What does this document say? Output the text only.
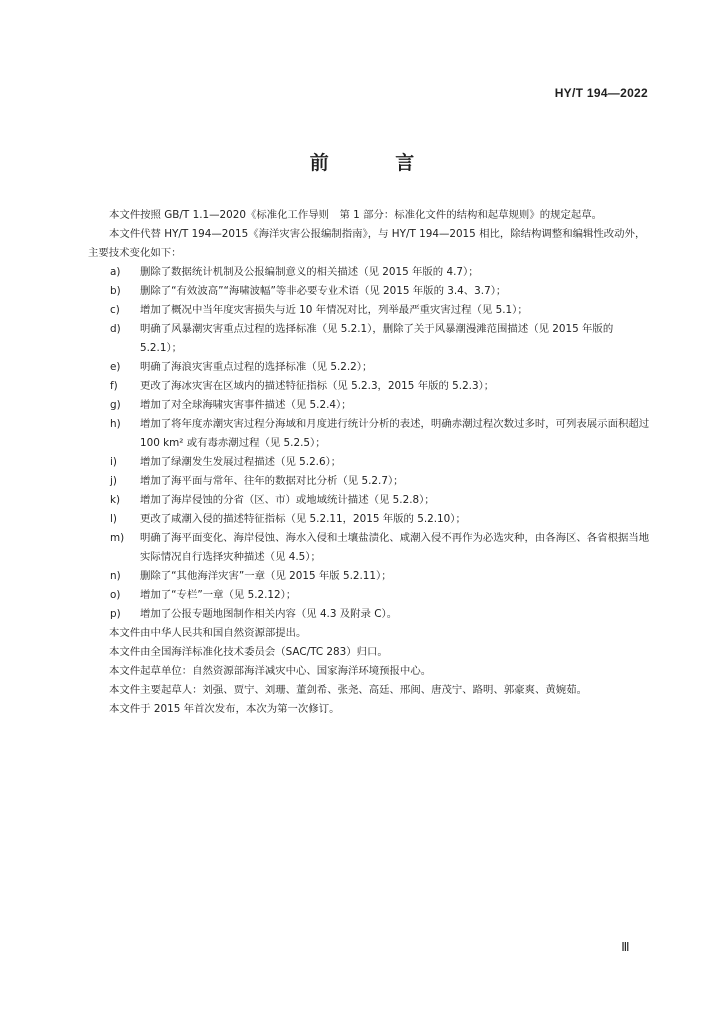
HY/T 194—2022
前 言

本文件按照 GB/T 1.1—2020《标准化工作导则　第 1 部分：标准化文件的结构和起草规则》的规定起草。

本文件代替 HY/T 194—2015《海洋灾害公报编制指南》，与 HY/T 194—2015 相比，除结构调整和编辑性改动外，主要技术变化如下：

a) 删除了数据统计机制及公报编制意义的相关描述（见 2015 年版的 4.7）；

b) 删除了“有效波高”“海啸波幅”等非必要专业术语（见 2015 年版的 3.4、3.7）；

c) 增加了概况中当年度灾害损失与近 10 年情况对比，列举最严重灾害过程（见 5.1）；

d) 明确了风暴潮灾害重点过程的选择标准（见 5.2.1），删除了关于风暴潮漫滩范围描述（见 2015 年版的 5.2.1）；

e) 明确了海浪灾害重点过程的选择标准（见 5.2.2）；

f) 更改了海冰灾害在区域内的描述特征指标（见 5.2.3，2015 年版的 5.2.3）；

g) 增加了对全球海啸灾害事件描述（见 5.2.4）；

h) 增加了将年度赤潮灾害过程分海域和月度进行统计分析的表述，明确赤潮过程次数过多时，可列表展示面积超过 100 km² 或有毒赤潮过程（见 5.2.5）；

i) 增加了绿潮发生发展过程描述（见 5.2.6）；

j) 增加了海平面与常年、往年的数据对比分析（见 5.2.7）；

k) 增加了海岸侵蚀的分省（区、市）或地域统计描述（见 5.2.8）；

l) 更改了咸潮入侵的描述特征指标（见 5.2.11，2015 年版的 5.2.10）；

m) 明确了海平面变化、海岸侵蚀、海水入侵和土壤盐渍化、咸潮入侵不再作为必选灾种，由各海区、各省根据当地实际情况自行选择灾种描述（见 4.5）；

n) 删除了“其他海洋灾害”一章（见 2015 年版 5.2.11）；

o) 增加了“专栏”一章（见 5.2.12）；

p) 增加了公报专题地图制作相关内容（见 4.3 及附录 C）。

本文件由中华人民共和国自然资源部提出。

本文件由全国海洋标准化技术委员会（SAC/TC 283）归口。

本文件起草单位：自然资源部海洋减灾中心、国家海洋环境预报中心。

本文件主要起草人：刘强、贾宁、刘珊、董剑希、张尧、高廷、邢闽、唐茂宁、路明、郭豪爽、黄婉茹。

本文件于 2015 年首次发布，本次为第一次修订。

Ⅲ
